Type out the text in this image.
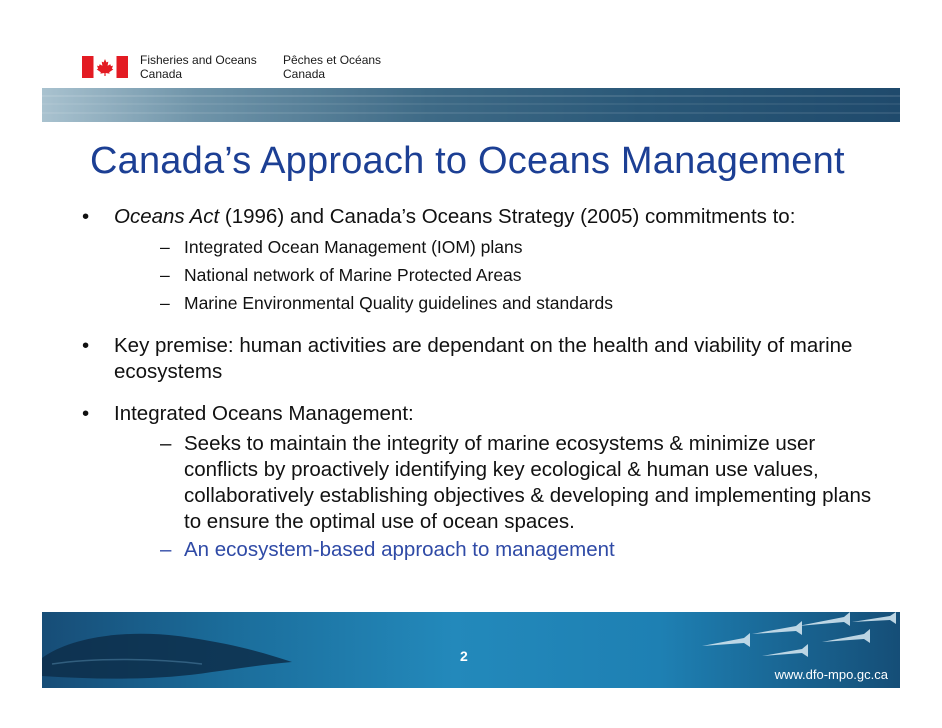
Fisheries and Oceans
Canada
Pêches et Océans
Canada
Canada’s Approach to Oceans Management
• Oceans Act (1996) and Canada’s Oceans Strategy (2005) commitments to:
– Integrated Ocean Management (IOM) plans
– National network of Marine Protected Areas
– Marine Environmental Quality guidelines and standards
• Key premise: human activities are dependant on the health and viability of marine ecosystems
• Integrated Oceans Management:
– Seeks to maintain the integrity of marine ecosystems & minimize user conflicts by proactively identifying key ecological & human use values, collaboratively establishing objectives & developing and implementing plans to ensure the optimal use of ocean spaces.
– An ecosystem-based approach to management
2
www.dfo-mpo.gc.ca
